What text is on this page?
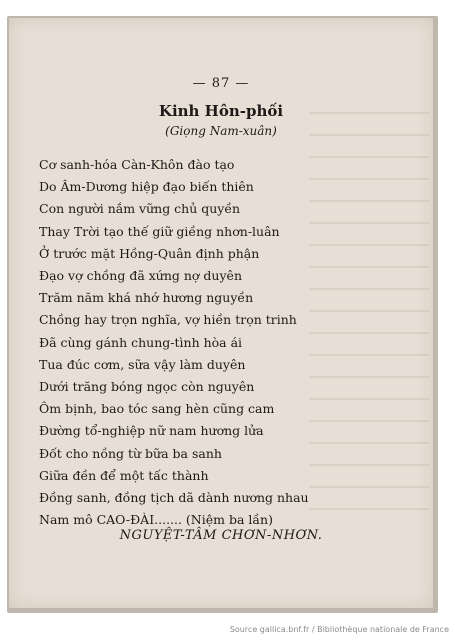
— 87 —
Kinh Hôn-phối
(Giọng Nam-xuân)
Cơ sanh-hóa Càn-Khôn đào tạo
Do Âm-Dương hiệp đạo biến thiên
Con người nắm vững chủ quyền
Thay Trời tạo thế giữ giềng nhơn-luân
Ở trước mặt Hồng-Quân định phận
Đạo vợ chồng đã xứng nợ duyên
Trăm năm khá nhớ hương nguyền
Chồng hay trọn nghĩa, vợ hiền trọn trinh
Đã cùng gánh chung-tình hòa ái
Tua đúc cơm, sữa vậy làm duyên
Dưới trăng bóng ngọc còn nguyên
Ôm bịnh, bao tóc sang hèn cũng cam
Đường tổ-nghiệp nữ nam hương lửa
Đốt cho nồng từ bữa ba sanh
Giữa đền để một tấc thành
Đồng sanh, đồng tịch dã dành nương nhau
Nam mô CAO-ĐÀI....... (Niệm ba lần)
NGUYỆT-TÂM CHƠN-NHƠN.
Source gallica.bnf.fr / Bibliothèque nationale de France
